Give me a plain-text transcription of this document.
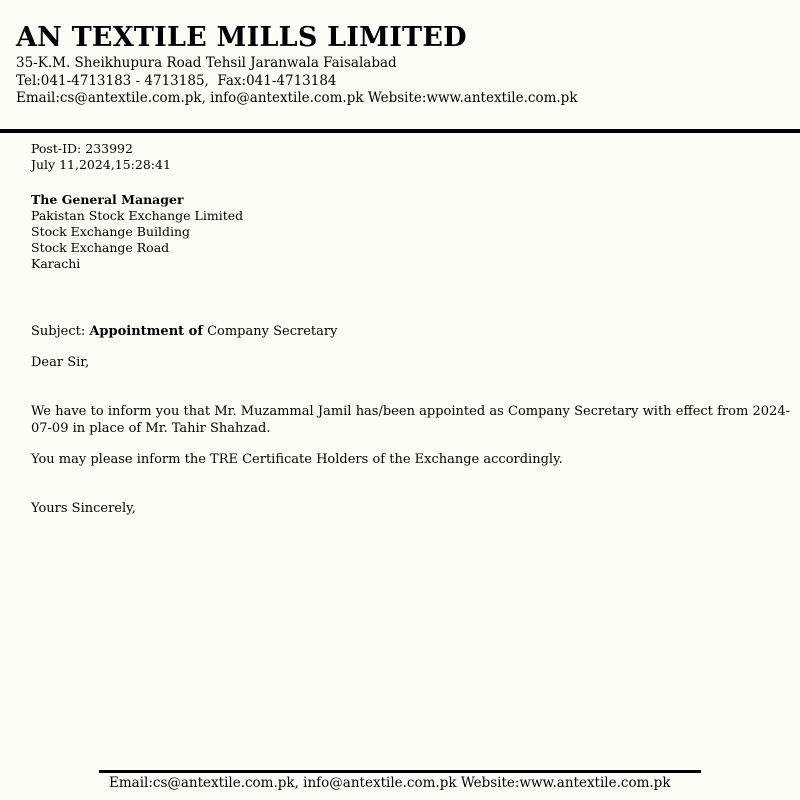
AN TEXTILE MILLS LIMITED
35-K.M. Sheikhupura Road Tehsil Jaranwala Faisalabad
Tel:041-4713183 - 4713185,  Fax:041-4713184
Email:cs@antextile.com.pk, info@antextile.com.pk Website:www.antextile.com.pk
Post-ID: 233992
July 11,2024,15:28:41
The General Manager
Pakistan Stock Exchange Limited
Stock Exchange Building
Stock Exchange Road
Karachi
Subject: Appointment of Company Secretary
Dear Sir,
We have to inform you that Mr. Muzammal Jamil has/been appointed as Company Secretary with effect from 2024-07-09 in place of Mr. Tahir Shahzad.
You may please inform the TRE Certificate Holders of the Exchange accordingly.
Yours Sincerely,
Email:cs@antextile.com.pk, info@antextile.com.pk Website:www.antextile.com.pk
